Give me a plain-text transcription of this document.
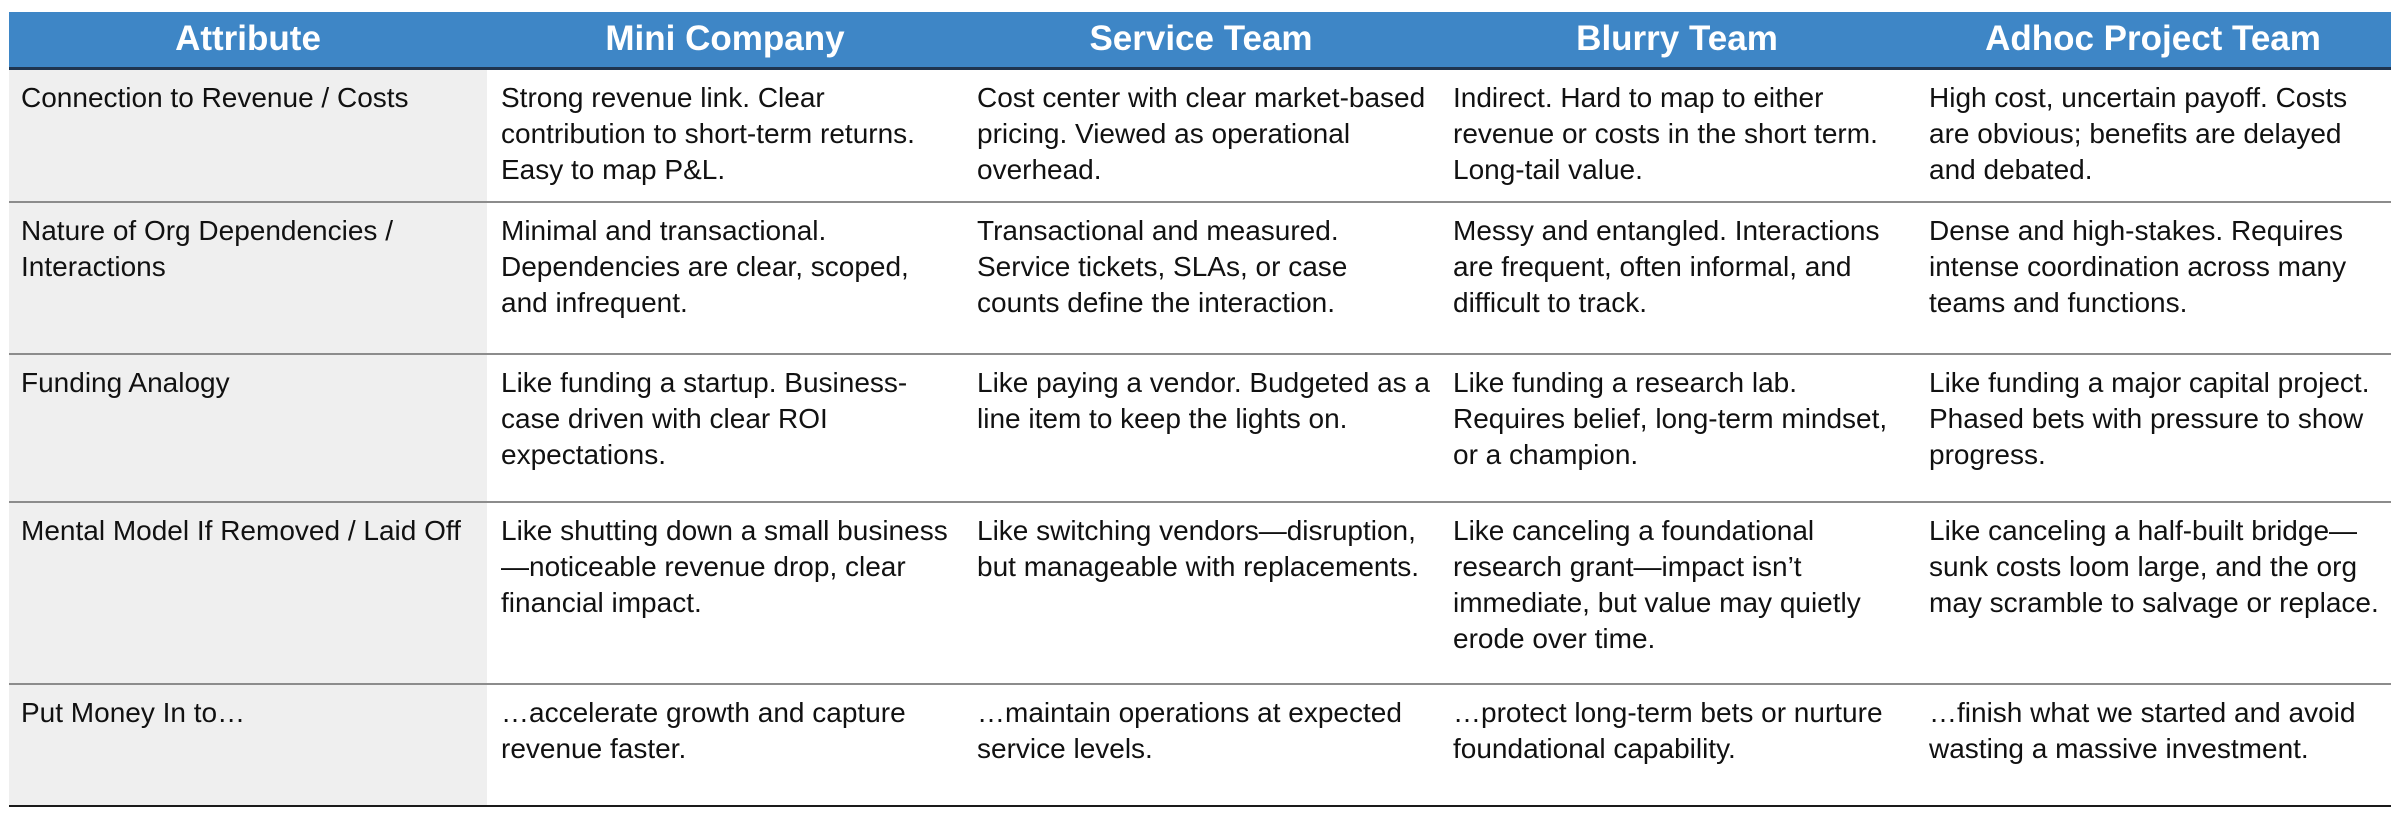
Attribute	Mini Company	Service Team	Blurry Team	Adhoc Project Team
Connection to Revenue / Costs	Strong revenue link. Clear contribution to short-term returns. Easy to map P&L.	Cost center with clear market-based pricing. Viewed as operational overhead.	Indirect. Hard to map to either revenue or costs in the short term. Long-tail value.	High cost, uncertain payoff. Costs are obvious; benefits are delayed and debated.
Nature of Org Dependencies / Interactions	Minimal and transactional. Dependencies are clear, scoped, and infrequent.	Transactional and measured. Service tickets, SLAs, or case counts define the interaction.	Messy and entangled. Interactions are frequent, often informal, and difficult to track.	Dense and high-stakes. Requires intense coordination across many teams and functions.
Funding Analogy	Like funding a startup. Business-case driven with clear ROI expectations.	Like paying a vendor. Budgeted as a line item to keep the lights on.	Like funding a research lab. Requires belief, long-term mindset, or a champion.	Like funding a major capital project. Phased bets with pressure to show progress.
Mental Model If Removed / Laid Off	Like shutting down a small business—noticeable revenue drop, clear financial impact.	Like switching vendors—disruption, but manageable with replacements.	Like canceling a foundational research grant—impact isn’t immediate, but value may quietly erode over time.	Like canceling a half-built bridge—sunk costs loom large, and the org may scramble to salvage or replace.
Put Money In to…	…accelerate growth and capture revenue faster.	…maintain operations at expected service levels.	…protect long-term bets or nurture foundational capability.	…finish what we started and avoid wasting a massive investment.
